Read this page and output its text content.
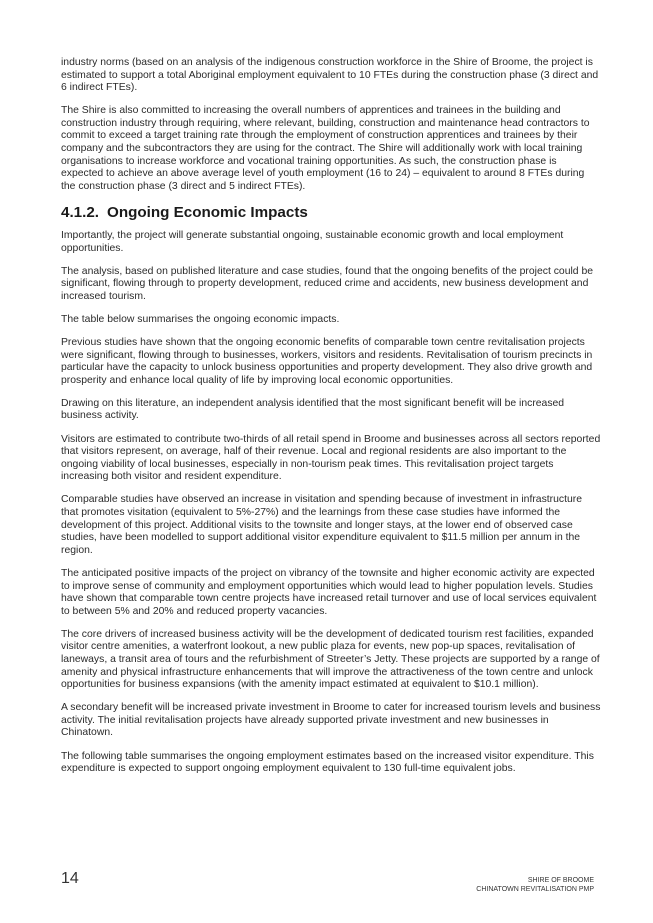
industry norms (based on an analysis of the indigenous construction workforce in the Shire of Broome, the project is estimated to support a total Aboriginal employment equivalent to 10 FTEs during the construction phase (3 direct and 6 indirect FTEs).

The Shire is also committed to increasing the overall numbers of apprentices and trainees in the building and construction industry through requiring, where relevant, building, construction and maintenance head contractors to commit to exceed a target training rate through the employment of construction apprentices and trainees by their company and the subcontractors they are using for the contract. The Shire will additionally work with local training organisations to increase workforce and vocational training opportunities. As such, the construction phase is expected to achieve an above average level of youth employment (16 to 24) – equivalent to around 8 FTEs during the construction phase (3 direct and 5 indirect FTEs).

4.1.2. Ongoing Economic Impacts

Importantly, the project will generate substantial ongoing, sustainable economic growth and local employment opportunities.

The analysis, based on published literature and case studies, found that the ongoing benefits of the project could be significant, flowing through to property development, reduced crime and accidents, new business development and increased tourism.

The table below summarises the ongoing economic impacts.

Previous studies have shown that the ongoing economic benefits of comparable town centre revitalisation projects were significant, flowing through to businesses, workers, visitors and residents. Revitalisation of tourism precincts in particular have the capacity to unlock business opportunities and property development. They also drive growth and prosperity and enhance local quality of life by improving local economic opportunities.

Drawing on this literature, an independent analysis identified that the most significant benefit will be increased business activity.

Visitors are estimated to contribute two-thirds of all retail spend in Broome and businesses across all sectors reported that visitors represent, on average, half of their revenue. Local and regional residents are also important to the ongoing viability of local businesses, especially in non-tourism peak times. This revitalisation project targets increasing both visitor and resident expenditure.

Comparable studies have observed an increase in visitation and spending because of investment in infrastructure that promotes visitation (equivalent to 5%-27%) and the learnings from these case studies have informed the development of this project. Additional visits to the townsite and longer stays, at the lower end of observed case studies, have been modelled to support additional visitor expenditure equivalent to $11.5 million per annum in the region.

The anticipated positive impacts of the project on vibrancy of the townsite and higher economic activity are expected to improve sense of community and employment opportunities which would lead to higher population levels. Studies have shown that comparable town centre projects have increased retail turnover and use of local services equivalent to between 5% and 20% and reduced property vacancies.

The core drivers of increased business activity will be the development of dedicated tourism rest facilities, expanded visitor centre amenities, a waterfront lookout, a new public plaza for events, new pop-up spaces, revitalisation of laneways, a transit area of tours and the refurbishment of Streeter’s Jetty. These projects are supported by a range of amenity and physical infrastructure enhancements that will improve the attractiveness of the town centre and unlock opportunities for business expansions (with the amenity impact estimated at equivalent to $10.1 million).

A secondary benefit will be increased private investment in Broome to cater for increased tourism levels and business activity. The initial revitalisation projects have already supported private investment and new businesses in Chinatown.

The following table summarises the ongoing employment estimates based on the increased visitor expenditure. This expenditure is expected to support ongoing employment equivalent to 130 full-time equivalent jobs.

14	SHIRE OF BROOME
CHINATOWN REVITALISATION PMP
